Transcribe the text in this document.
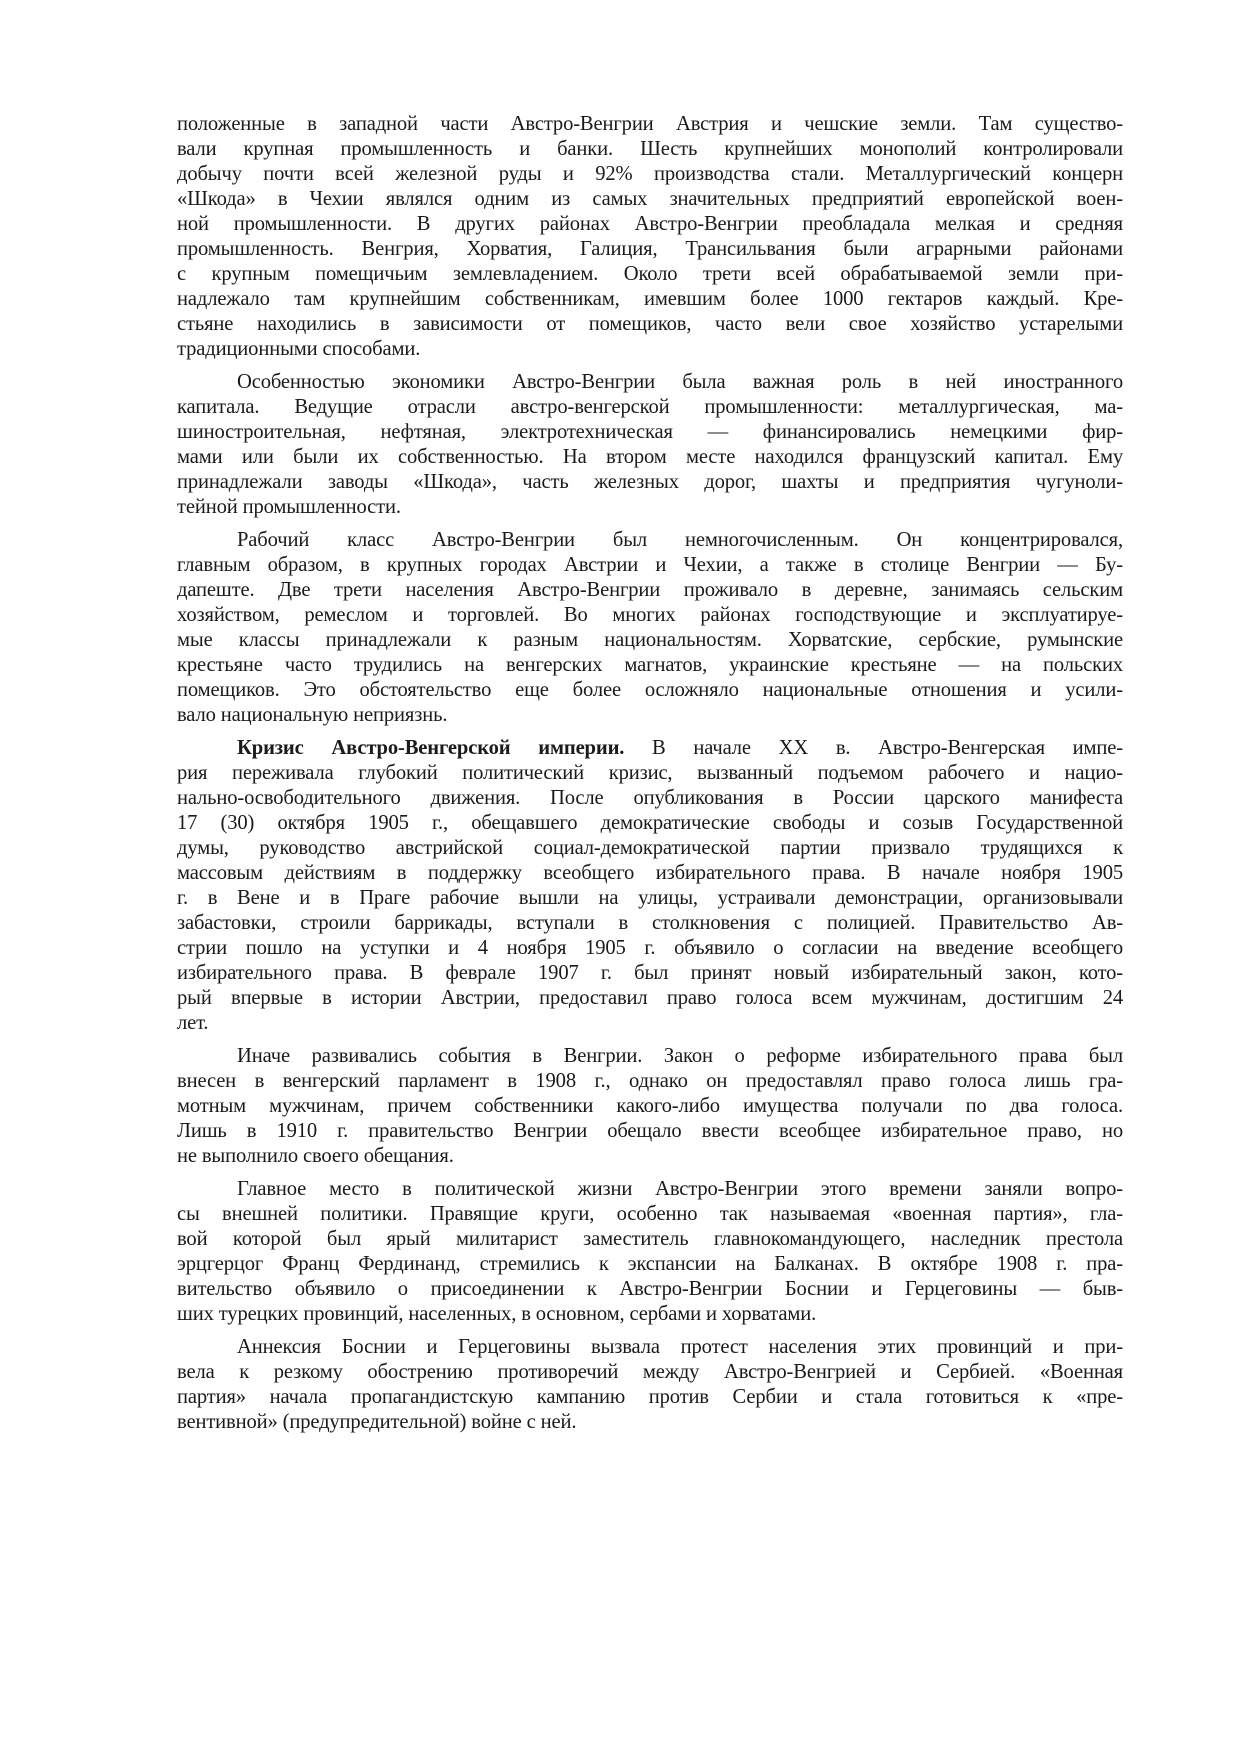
положенные в западной части Австро-Венгрии Австрия и чешские земли. Там существо-
вали крупная промышленность и банки. Шесть крупнейших монополий контролировали
добычу почти всей железной руды и 92% производства стали. Металлургический концерн
«Шкода» в Чехии являлся одним из самых значительных предприятий европейской воен-
ной промышленности. В других районах Австро-Венгрии преобладала мелкая и средняя
промышленность. Венгрия, Хорватия, Галиция, Трансильвания были аграрными районами
с крупным помещичьим землевладением. Около трети всей обрабатываемой земли при-
надлежало там крупнейшим собственникам, имевшим более 1000 гектаров каждый. Кре-
стьяне находились в зависимости от помещиков, часто вели свое хозяйство устарелыми
традиционными способами.
Особенностью экономики Австро-Венгрии была важная роль в ней иностранного
капитала. Ведущие отрасли австро-венгерской промышленности: металлургическая, ма-
шиностроительная, нефтяная, электротехническая — финансировались немецкими фир-
мами или были их собственностью. На втором месте находился французский капитал. Ему
принадлежали заводы «Шкода», часть железных дорог, шахты и предприятия чугуноли-
тейной промышленности.
Рабочий класс Австро-Венгрии был немногочисленным. Он концентрировался,
главным образом, в крупных городах Австрии и Чехии, а также в столице Венгрии — Бу-
дапеште. Две трети населения Австро-Венгрии проживало в деревне, занимаясь сельским
хозяйством, ремеслом и торговлей. Во многих районах господствующие и эксплуатируе-
мые классы принадлежали к разным национальностям. Хорватские, сербские, румынские
крестьяне часто трудились на венгерских магнатов, украинские крестьяне — на польских
помещиков. Это обстоятельство еще более осложняло национальные отношения и усили-
вало национальную неприязнь.
Кризис Австро-Венгерской империи. В начале XX в. Австро-Венгерская импе-
рия переживала глубокий политический кризис, вызванный подъемом рабочего и нацио-
нально-освободительного движения. После опубликования в России царского манифеста
17 (30) октября 1905 г., обещавшего демократические свободы и созыв Государственной
думы, руководство австрийской социал-демократической партии призвало трудящихся к
массовым действиям в поддержку всеобщего избирательного права. В начале ноября 1905
г. в Вене и в Праге рабочие вышли на улицы, устраивали демонстрации, организовывали
забастовки, строили баррикады, вступали в столкновения с полицией. Правительство Ав-
стрии пошло на уступки и 4 ноября 1905 г. объявило о согласии на введение всеобщего
избирательного права. В феврале 1907 г. был принят новый избирательный закон, кото-
рый впервые в истории Австрии, предоставил право голоса всем мужчинам, достигшим 24
лет.
Иначе развивались события в Венгрии. Закон о реформе избирательного права был
внесен в венгерский парламент в 1908 г., однако он предоставлял право голоса лишь гра-
мотным мужчинам, причем собственники какого-либо имущества получали по два голоса.
Лишь в 1910 г. правительство Венгрии обещало ввести всеобщее избирательное право, но
не выполнило своего обещания.
Главное место в политической жизни Австро-Венгрии этого времени заняли вопро-
сы внешней политики. Правящие круги, особенно так называемая «военная партия», гла-
вой которой был ярый милитарист заместитель главнокомандующего, наследник престола
эрцгерцог Франц Фердинанд, стремились к экспансии на Балканах. В октябре 1908 г. пра-
вительство объявило о присоединении к Австро-Венгрии Боснии и Герцеговины — быв-
ших турецких провинций, населенных, в основном, сербами и хорватами.
Аннексия Боснии и Герцеговины вызвала протест населения этих провинций и при-
вела к резкому обострению противоречий между Австро-Венгрией и Сербией. «Военная
партия» начала пропагандистскую кампанию против Сербии и стала готовиться к «пре-
вентивной» (предупредительной) войне с ней.
